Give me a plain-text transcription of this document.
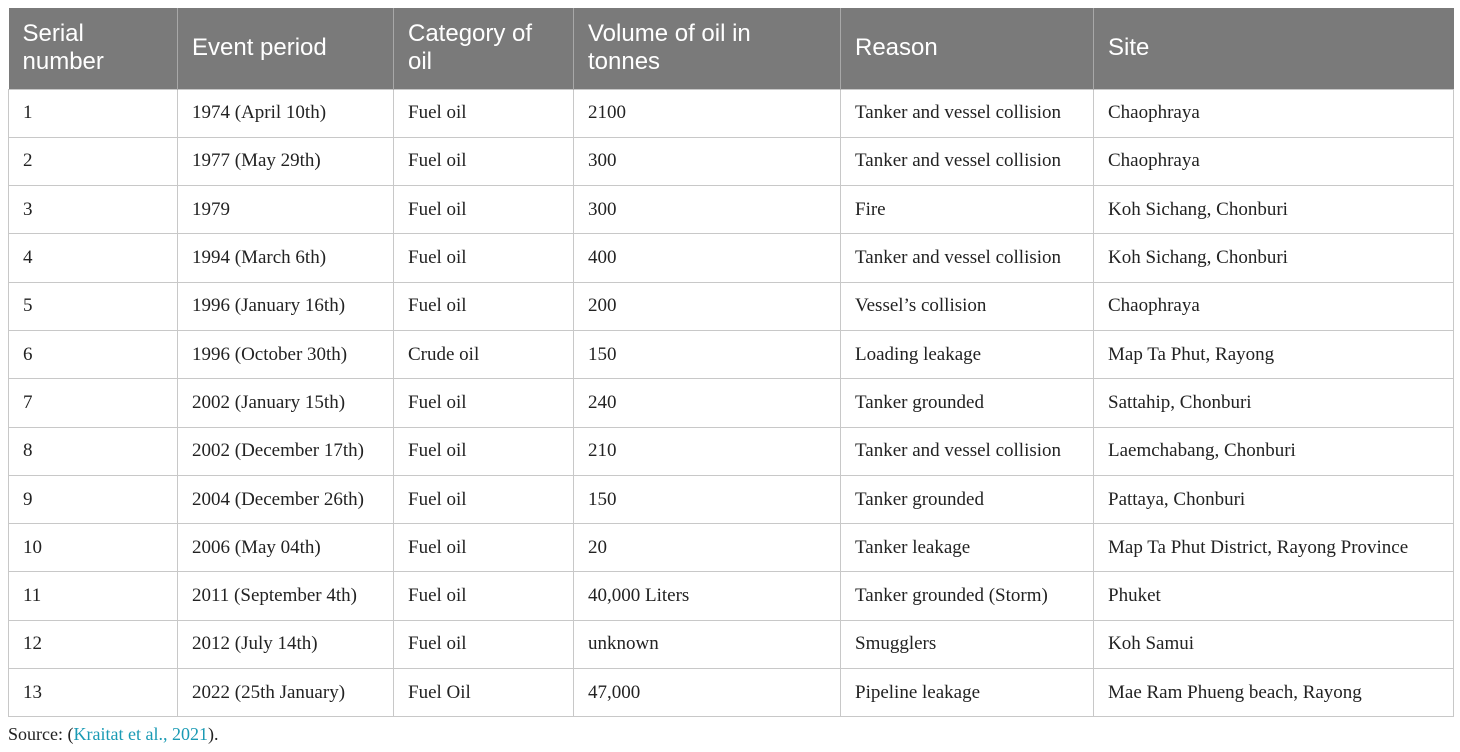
Serial number	Event period	Category of oil	Volume of oil in tonnes	Reason	Site
1	1974 (April 10th)	Fuel oil	2100	Tanker and vessel collision	Chaophraya
2	1977 (May 29th)	Fuel oil	300	Tanker and vessel collision	Chaophraya
3	1979	Fuel oil	300	Fire	Koh Sichang, Chonburi
4	1994 (March 6th)	Fuel oil	400	Tanker and vessel collision	Koh Sichang, Chonburi
5	1996 (January 16th)	Fuel oil	200	Vessel’s collision	Chaophraya
6	1996 (October 30th)	Crude oil	150	Loading leakage	Map Ta Phut, Rayong
7	2002 (January 15th)	Fuel oil	240	Tanker grounded	Sattahip, Chonburi
8	2002 (December 17th)	Fuel oil	210	Tanker and vessel collision	Laemchabang, Chonburi
9	2004 (December 26th)	Fuel oil	150	Tanker grounded	Pattaya, Chonburi
10	2006 (May 04th)	Fuel oil	20	Tanker leakage	Map Ta Phut District, Rayong Province
11	2011 (September 4th)	Fuel oil	40,000 Liters	Tanker grounded (Storm)	Phuket
12	2012 (July 14th)	Fuel oil	unknown	Smugglers	Koh Samui
13	2022 (25th January)	Fuel Oil	47,000	Pipeline leakage	Mae Ram Phueng beach, Rayong
Source: (Kraitat et al., 2021).
